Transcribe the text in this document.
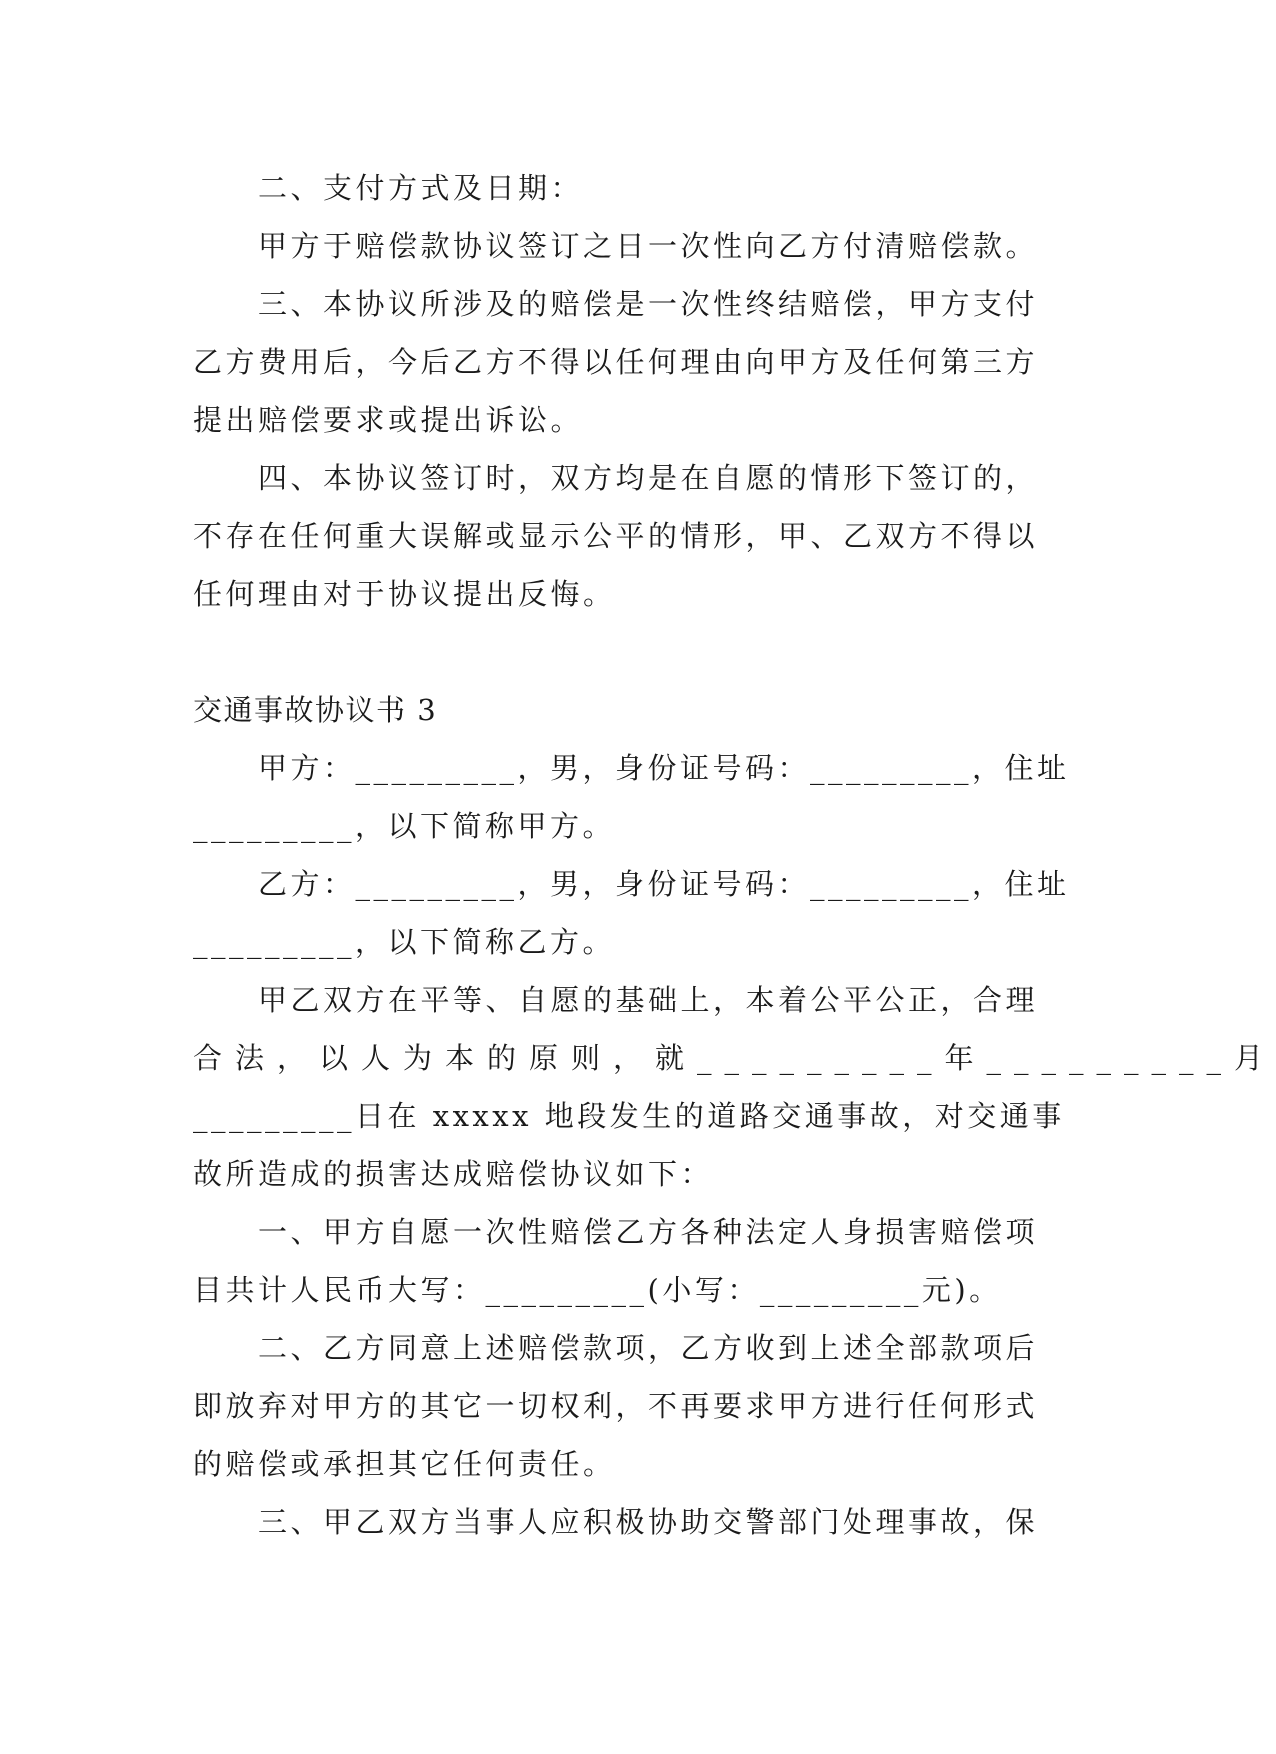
二、支付方式及日期：
甲方于赔偿款协议签订之日一次性向乙方付清赔偿款。
三、本协议所涉及的赔偿是一次性终结赔偿，甲方支付
乙方费用后，今后乙方不得以任何理由向甲方及任何第三方
提出赔偿要求或提出诉讼。
四、本协议签订时，双方均是在自愿的情形下签订的，
不存在任何重大误解或显示公平的情形，甲、乙双方不得以
任何理由对于协议提出反悔。
交通事故协议书 3
甲方：_________，男，身份证号码：_________，住址
_________，以下简称甲方。
乙方：_________，男，身份证号码：_________，住址
_________，以下简称乙方。
甲乙双方在平等、自愿的基础上，本着公平公正，合理
合法，以人为本的原则，就_________年_________月
_________日在 xxxxx 地段发生的道路交通事故，对交通事
故所造成的损害达成赔偿协议如下：
一、甲方自愿一次性赔偿乙方各种法定人身损害赔偿项
目共计人民币大写：_________(小写：_________元)。
二、乙方同意上述赔偿款项，乙方收到上述全部款项后
即放弃对甲方的其它一切权利，不再要求甲方进行任何形式
的赔偿或承担其它任何责任。
三、甲乙双方当事人应积极协助交警部门处理事故，保
